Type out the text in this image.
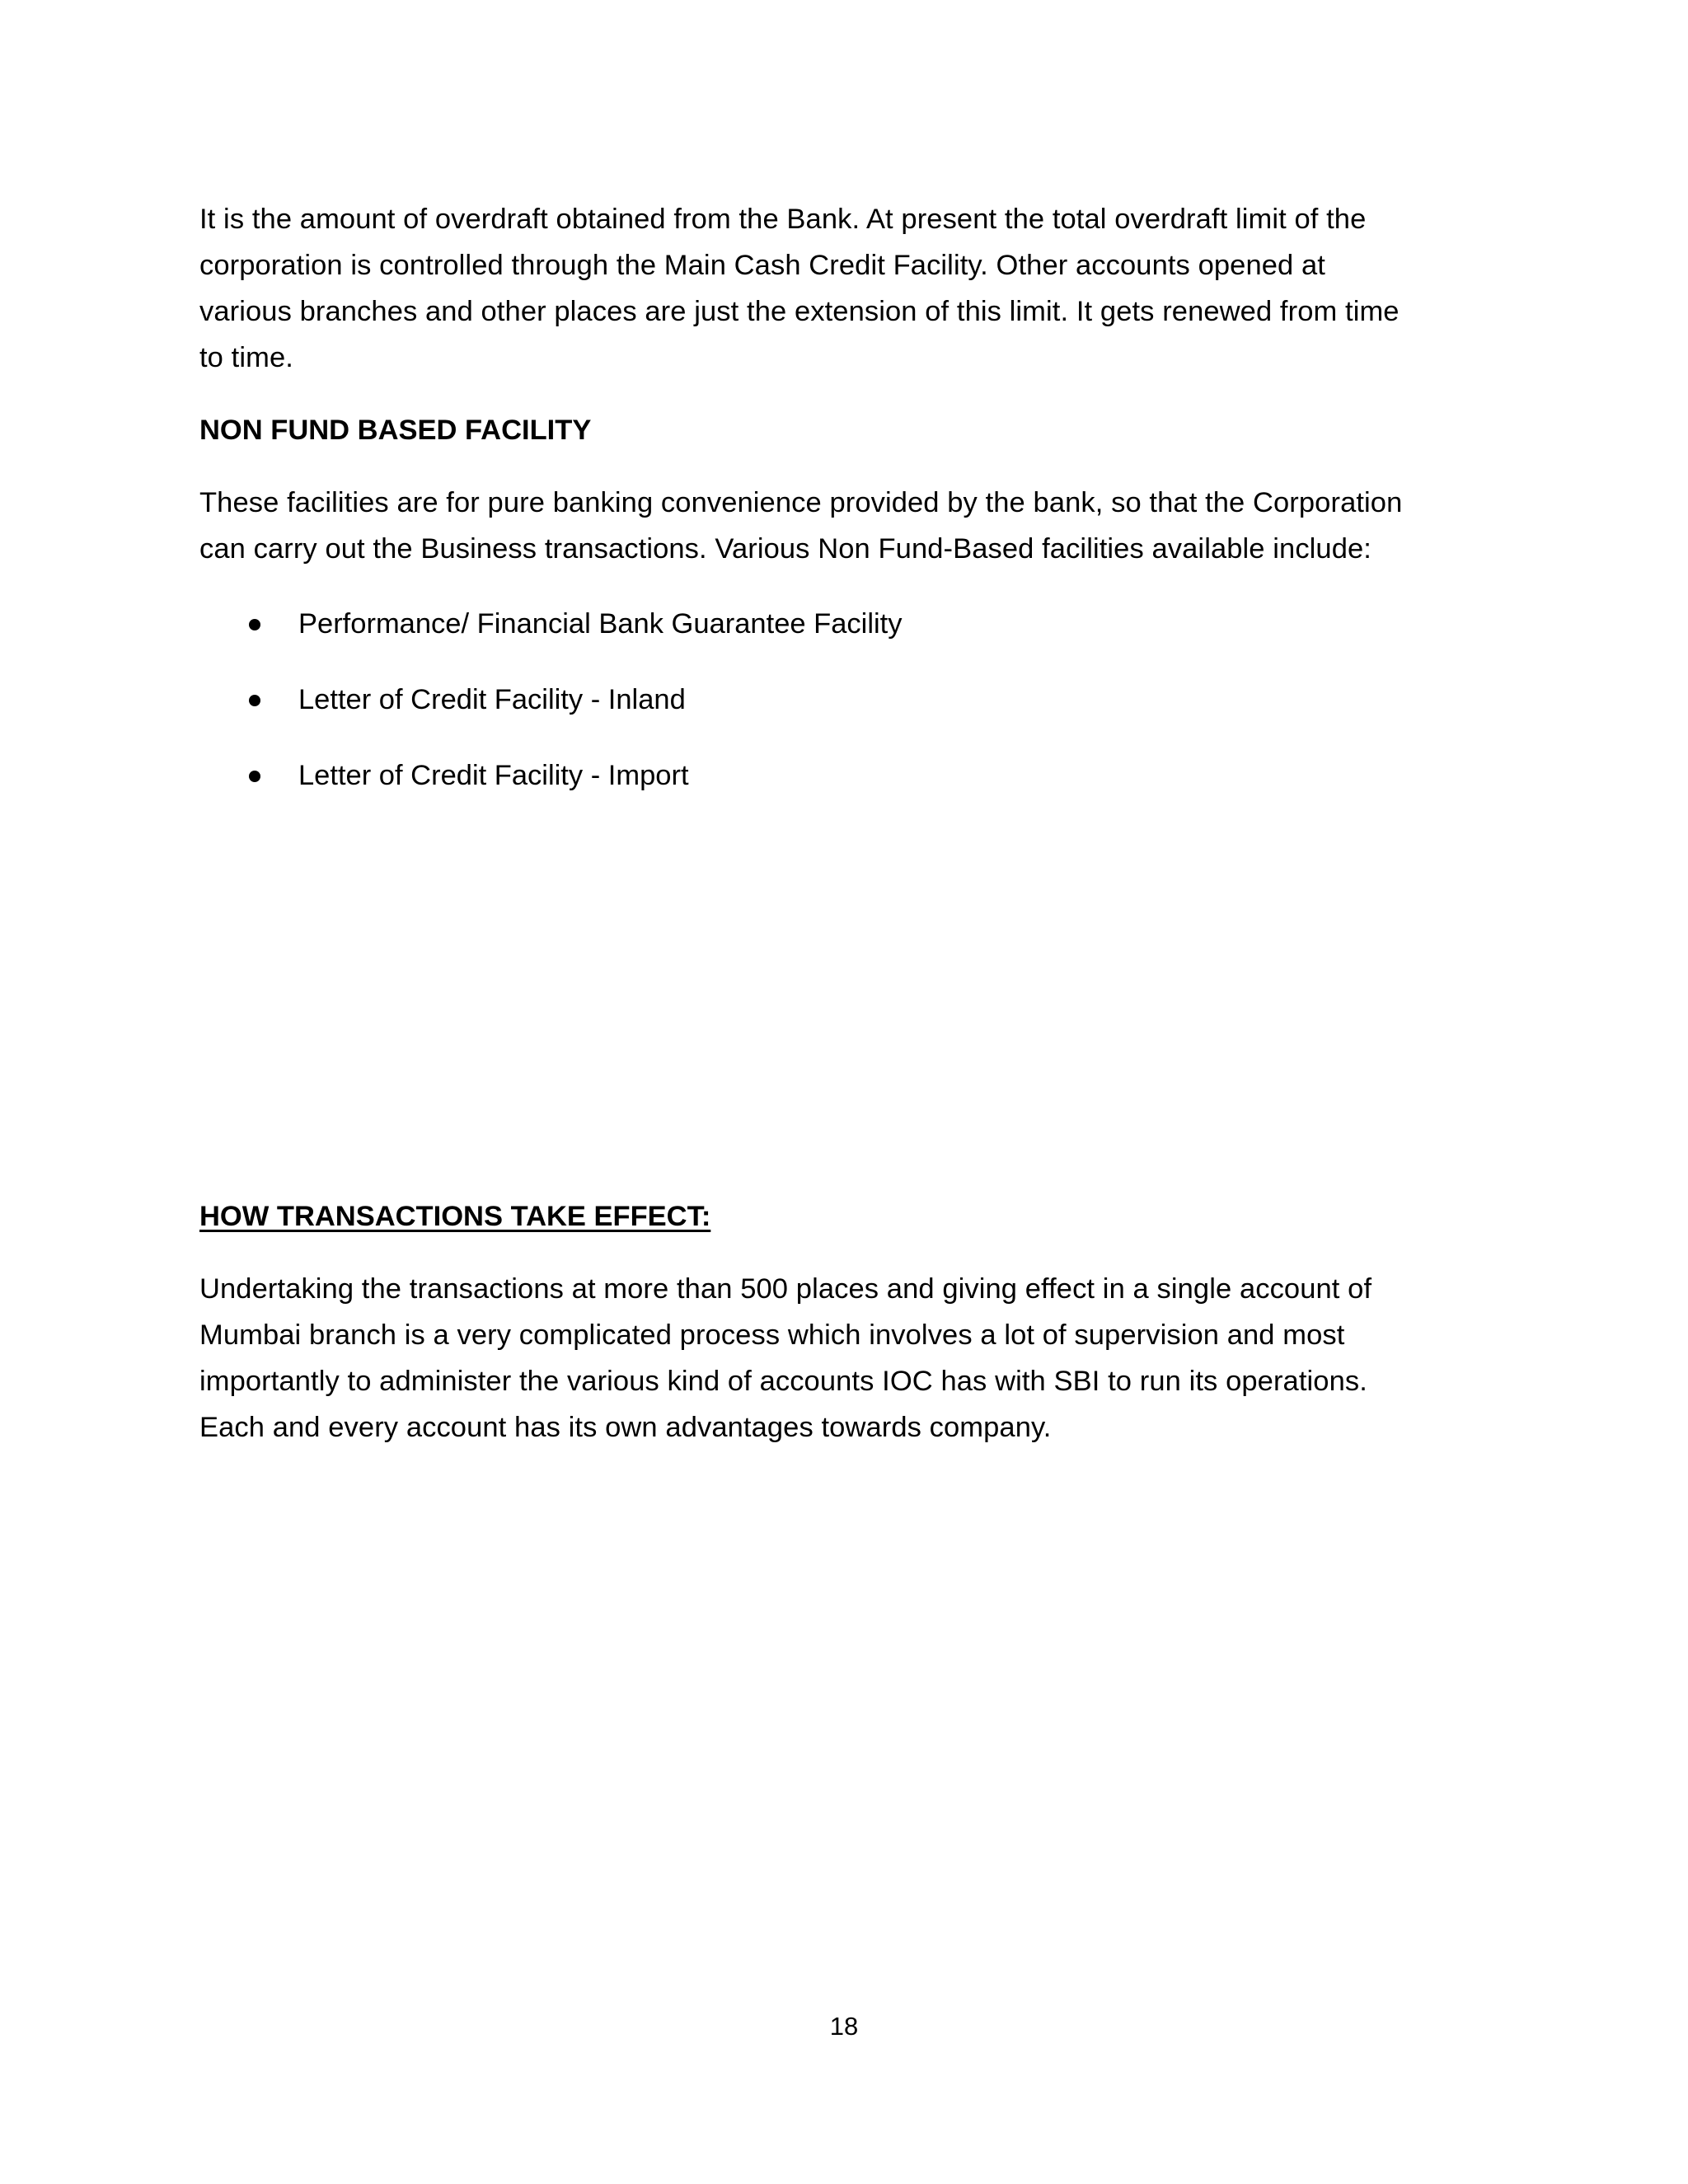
It is the amount of overdraft obtained from the Bank. At present the total overdraft limit of the

corporation is controlled through the Main Cash Credit Facility. Other accounts opened at

various branches and other places are just the extension of this limit. It gets renewed from time

to time.

NON FUND BASED FACILITY

These facilities are for pure banking convenience provided by the bank, so that the Corporation

can carry out the Business transactions. Various Non Fund-Based facilities available include:

Performance/ Financial Bank Guarantee Facility
Letter of Credit Facility - Inland
Letter of Credit Facility - Import

HOW TRANSACTIONS TAKE EFFECT:

Undertaking the transactions at more than 500 places and giving effect in a single account of

Mumbai branch is a very complicated process which involves a lot of supervision and most

importantly to administer the various kind of accounts IOC has with SBI to run its operations.

Each and every account has its own advantages towards company.

18
